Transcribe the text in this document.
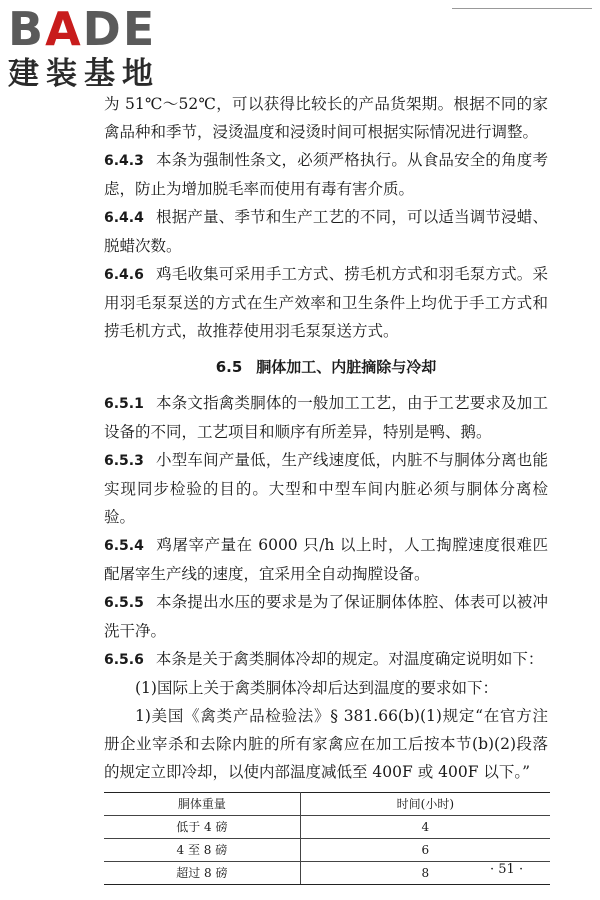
BADE
建装基地

为 51℃～52℃，可以获得比较长的产品货架期。根据不同的家禽品种和季节，浸烫温度和浸烫时间可根据实际情况进行调整。

6.4.3 本条为强制性条文，必须严格执行。从食品安全的角度考虑，防止为增加脱毛率而使用有毒有害介质。

6.4.4 根据产量、季节和生产工艺的不同，可以适当调节浸蜡、脱蜡次数。

6.4.6 鸡毛收集可采用手工方式、捞毛机方式和羽毛泵方式。采用羽毛泵泵送的方式在生产效率和卫生条件上均优于手工方式和捞毛机方式，故推荐使用羽毛泵泵送方式。

6.5 胴体加工、内脏摘除与冷却

6.5.1 本条文指禽类胴体的一般加工工艺，由于工艺要求及加工设备的不同，工艺项目和顺序有所差异，特别是鸭、鹅。

6.5.3 小型车间产量低，生产线速度低，内脏不与胴体分离也能实现同步检验的目的。大型和中型车间内脏必须与胴体分离检验。

6.5.4 鸡屠宰产量在 6000 只/h 以上时，人工掏膛速度很难匹配屠宰生产线的速度，宜采用全自动掏膛设备。

6.5.5 本条提出水压的要求是为了保证胴体体腔、体表可以被冲洗干净。

6.5.6 本条是关于禽类胴体冷却的规定。对温度确定说明如下：

(1)国际上关于禽类胴体冷却后达到温度的要求如下：

1)美国《禽类产品检验法》§ 381.66(b)(1)规定“在官方注册企业宰杀和去除内脏的所有家禽应在加工后按本节(b)(2)段落的规定立即冷却，以使内部温度减低至 400F 或 400F 以下。”

胴体重量	时间(小时)
低于 4 磅	4
4 至 8 磅	6
超过 8 磅	8	· 51 ·
